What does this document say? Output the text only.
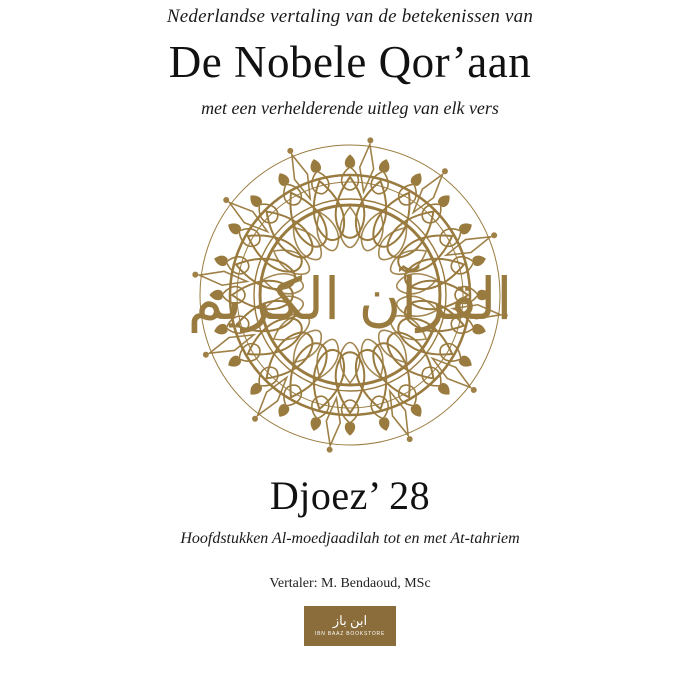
Nederlandse vertaling van de betekenissen van
De Nobele Qor’aan
met een verhelderende uitleg van elk vers
القرآن الكريم
Djoez’ 28
Hoofdstukken Al-moedjaadilah tot en met At-tahriem
Vertaler: M. Bendaoud, MSc
ابن باز
IBN BAAZ BOOKSTORE
